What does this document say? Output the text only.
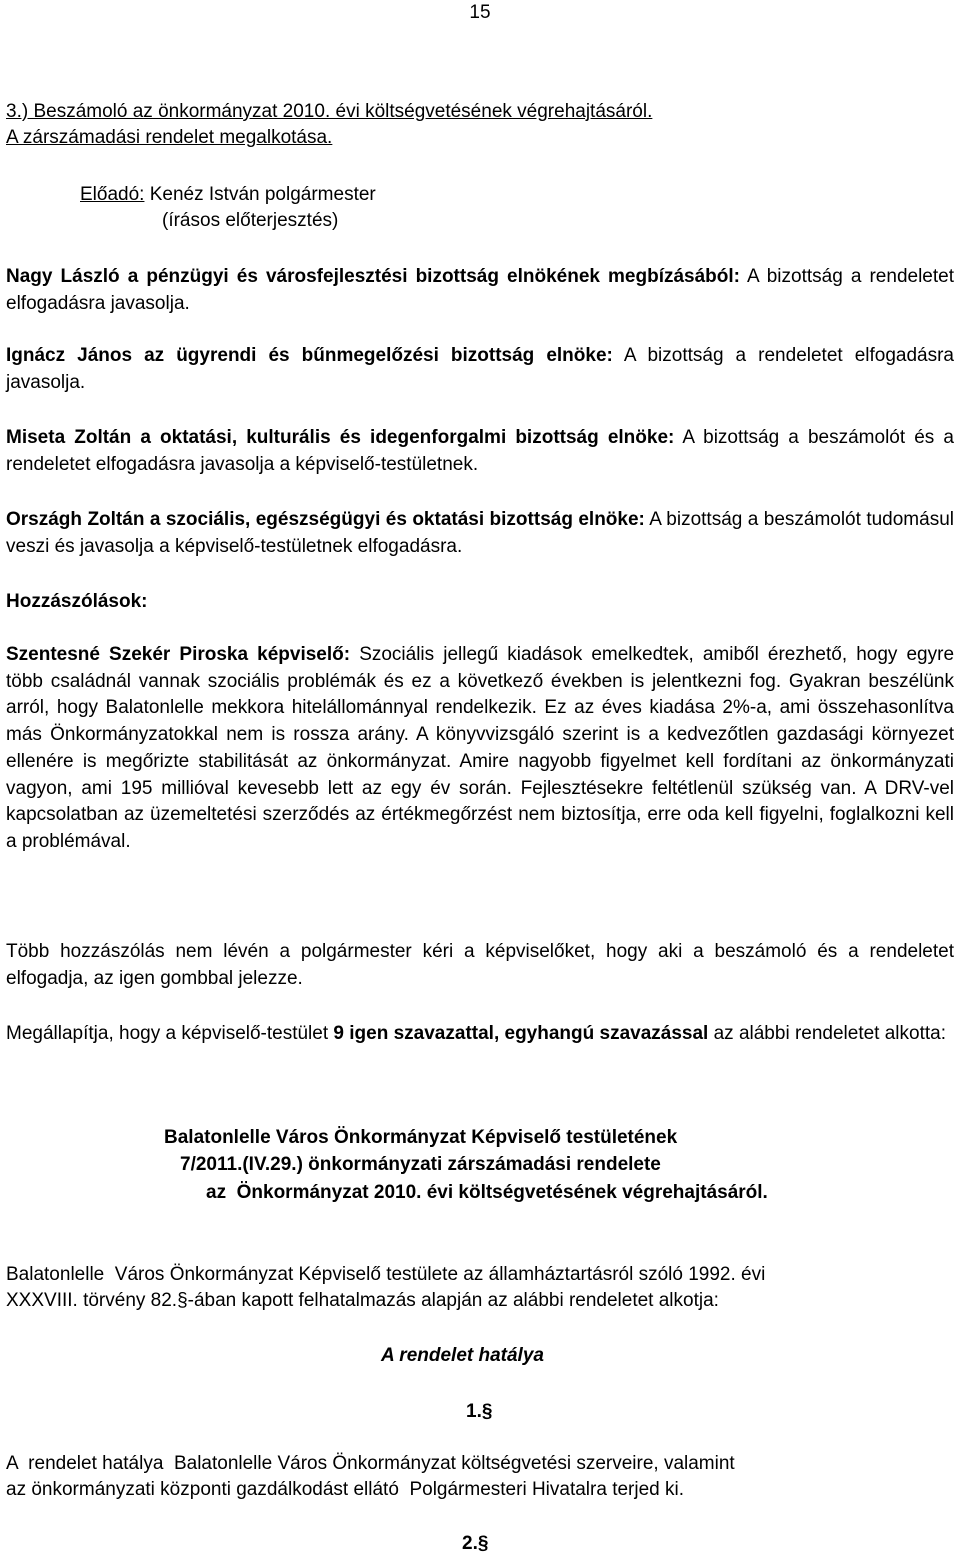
15
3.) Beszámoló az önkormányzat 2010. évi költségvetésének végrehajtásáról.
A zárszámadási rendelet megalkotása.
Előadó: Kenéz István polgármester
(írásos előterjesztés)
Nagy László a pénzügyi és városfejlesztési bizottság elnökének megbízásából: A bizottság a rendeletet elfogadásra javasolja.
Ignácz János az ügyrendi és bűnmegelőzési bizottság elnöke: A bizottság a rendeletet elfogadásra javasolja.
Miseta Zoltán a oktatási, kulturális és idegenforgalmi bizottság elnöke: A bizottság a beszámolót és a rendeletet elfogadásra javasolja a képviselő-testületnek.
Országh Zoltán a szociális, egészségügyi és oktatási bizottság elnöke: A bizottság a beszámolót tudomásul veszi és javasolja a képviselő-testületnek elfogadásra.
Hozzászólások:
Szentesné Szekér Piroska képviselő: Szociális jellegű kiadások emelkedtek, amiből érezhető, hogy egyre több családnál vannak szociális problémák és ez a következő években is jelentkezni fog. Gyakran beszélünk arról, hogy Balatonlelle mekkora hitelállománnyal rendelkezik. Ez az éves kiadása 2%-a, ami összehasonlítva más Önkormányzatokkal nem is rossza arány. A könyvvizsgáló szerint is a kedvezőtlen gazdasági környezet ellenére is megőrizte stabilitását az önkormányzat. Amire nagyobb figyelmet kell fordítani az önkormányzati vagyon, ami 195 millióval kevesebb lett az egy év során. Fejlesztésekre feltétlenül szükség van. A DRV-vel kapcsolatban az üzemeltetési szerződés az értékmegőrzést nem biztosítja, erre oda kell figyelni, foglalkozni kell a problémával.
Több hozzászólás nem lévén a polgármester kéri a képviselőket, hogy aki a beszámoló és a rendeletet elfogadja, az igen gombbal jelezze.
Megállapítja, hogy a képviselő-testület 9 igen szavazattal, egyhangú szavazással az alábbi rendeletet alkotta:
Balatonlelle Város Önkormányzat Képviselő testületének
7/2011.(IV.29.) önkormányzati zárszámadási rendelete
az  Önkormányzat 2010. évi költségvetésének végrehajtásáról.
Balatonlelle  Város Önkormányzat Képviselő testülete az államháztartásról szóló 1992. évi
XXXVIII. törvény 82.§-ában kapott felhatalmazás alapján az alábbi rendeletet alkotja:
A rendelet hatálya
1.§
A  rendelet hatálya  Balatonlelle Város Önkormányzat költségvetési szerveire, valamint
az önkormányzati központi gazdálkodást ellátó  Polgármesteri Hivatalra terjed ki.
2.§
